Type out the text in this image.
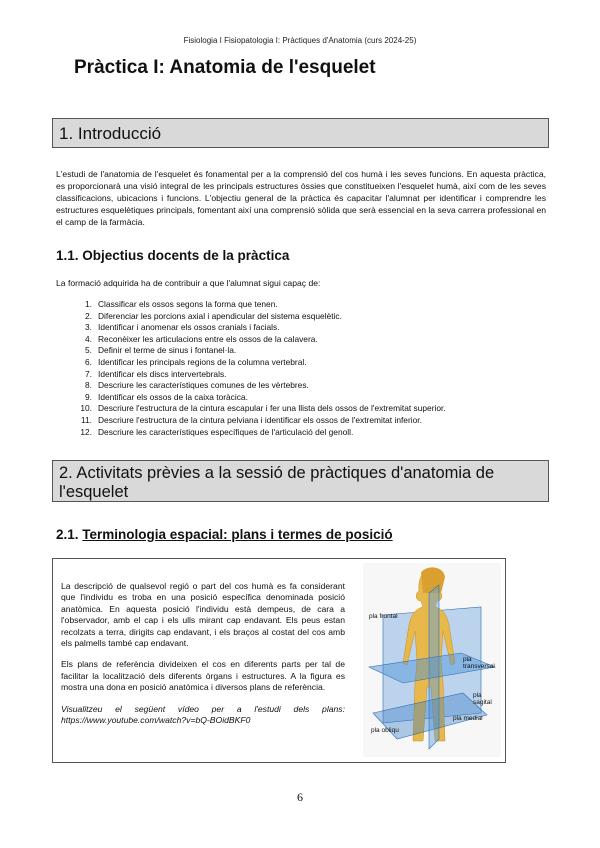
Fisiologia I Fisiopatologia I: Pràctiques d'Anatomia (curs 2024-25)
Pràctica I: Anatomia de l'esquelet
1. Introducció
L'estudi de l'anatomia de l'esquelet és fonamental per a la comprensió del cos humà i les seves funcions. En aquesta pràctica, es proporcionarà una visió integral de les principals estructures òssies que constitueixen l'esquelet humà, així com de les seves classificacions, ubicacions i funcions. L'objectiu general de la pràctica és capacitar l'alumnat per identificar i comprendre les estructures esquelètiques principals, fomentant així una comprensió sòlida que serà essencial en la seva carrera professional en el camp de la farmàcia.
1.1. Objectius docents de la pràctica
La formació adquirida ha de contribuir a que l'alumnat sigui capaç de:
1. Classificar els ossos segons la forma que tenen.
2. Diferenciar les porcions axial i apendicular del sistema esquelètic.
3. Identificar i anomenar els ossos cranials i facials.
4. Reconèixer les articulacions entre els ossos de la calavera.
5. Definir el terme de sinus i fontanel·la.
6. Identificar les principals regions de la columna vertebral.
7. Identificar els discs intervertebrals.
8. Descriure les característiques comunes de les vèrtebres.
9. Identificar els ossos de la caixa toràcica.
10. Descriure l'estructura de la cintura escapular i fer una llista dels ossos de l'extremitat superior.
11. Descriure l'estructura de la cintura pelviana i identificar els ossos de l'extremitat inferior.
12. Descriure les característiques específiques de l'articulació del genoll.
2. Activitats prèvies a la sessió de pràctiques d'anatomia de l'esquelet
2.1. Terminologia espacial: plans i termes de posició

La descripció de qualsevol regió o part del cos humà es fa considerant que l'individu es troba en una posició específica denominada posició anatòmica. En aquesta posició l'individu està dempeus, de cara a l'observador, amb el cap i els ulls mirant cap endavant. Els peus estan recolzats a terra, dirigits cap endavant, i els braços al costat del cos amb els palmells també cap endavant.

Els plans de referència divideixen el cos en diferents parts per tal de facilitar la localització dels diferents òrgans i estructures. A la figura es mostra una dona en posició anatòmica i diversos plans de referència.

Visualitzeu el següent vídeo per a l'estudi dels plans: https://www.youtube.com/watch?v=bQ-BOidBKF0

pla frontal
pla transversal
pla sagital
pla medial
pla obliqu
6
